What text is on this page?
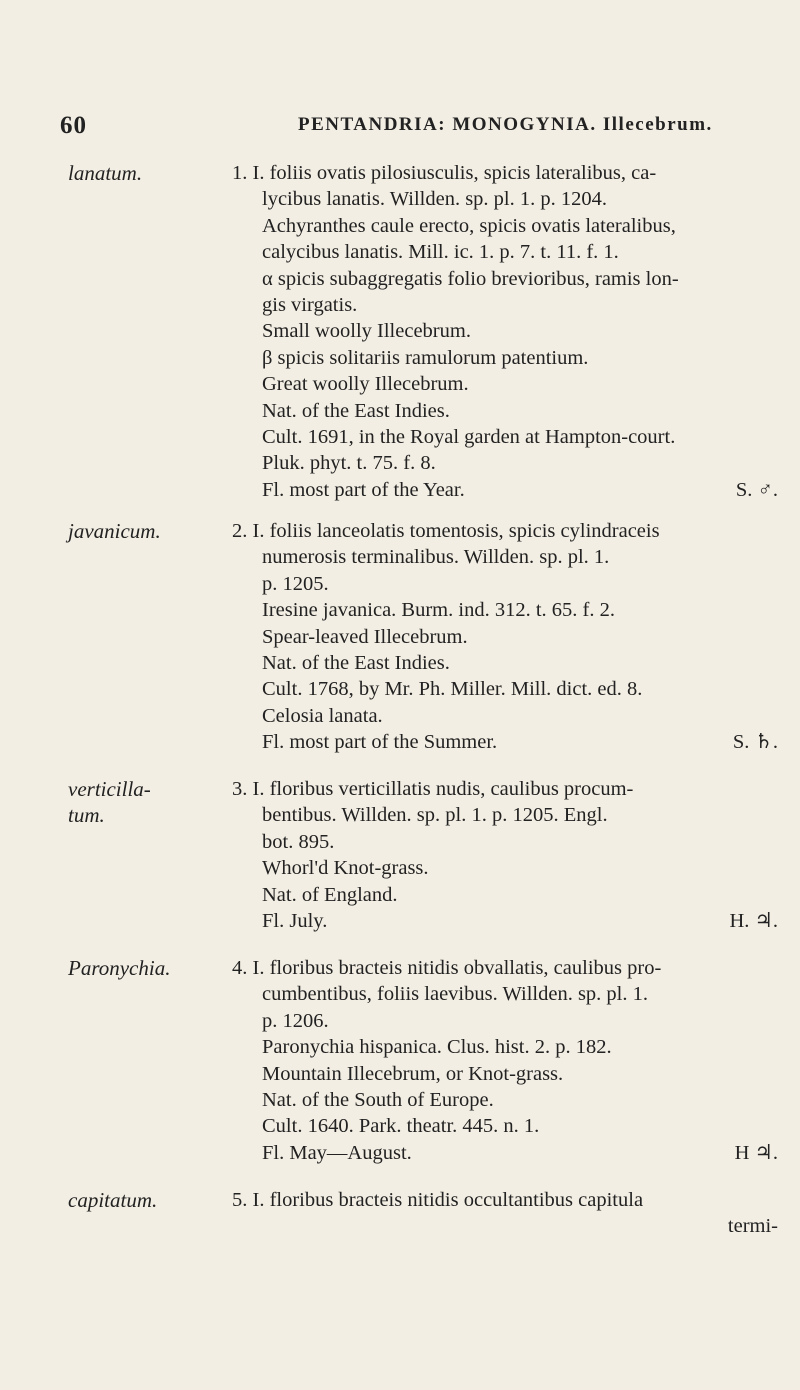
60	PENTANDRIA: MONOGYNIA. Illecebrum.
lanatum.	1. I. foliis ovatis pilosiusculis, spicis lateralibus, ca-
lycibus lanatis. Willden. sp. pl. 1. p. 1204.
Achyranthes caule erecto, spicis ovatis lateralibus,
calycibus lanatis. Mill. ic. 1. p. 7. t. 11. f. 1.
α spicis subaggregatis folio brevioribus, ramis lon-
gis virgatis.
Small woolly Illecebrum.
β spicis solitariis ramulorum patentium.
Great woolly Illecebrum.
Nat. of the East Indies.
Cult. 1691, in the Royal garden at Hampton-court.
Pluk. phyt. t. 75. f. 8.
Fl. most part of the Year.	S. ♂.
javanicum.	2. I. foliis lanceolatis tomentosis, spicis cylindraceis
numerosis terminalibus. Willden. sp. pl. 1.
p. 1205.
Iresine javanica. Burm. ind. 312. t. 65. f. 2.
Spear-leaved Illecebrum.
Nat. of the East Indies.
Cult. 1768, by Mr. Ph. Miller. Mill. dict. ed. 8.
Celosia lanata.
Fl. most part of the Summer.	S. ♄.
verticilla-
tum.
3. I. floribus verticillatis nudis, caulibus procum-
bentibus. Willden. sp. pl. 1. p. 1205. Engl.
bot. 895.
Whorl'd Knot-grass.
Nat. of England.
Fl. July.	H. ♃.
Paronychia.	4. I. floribus bracteis nitidis obvallatis, caulibus pro-
cumbentibus, foliis laevibus. Willden. sp. pl. 1.
p. 1206.
Paronychia hispanica. Clus. hist. 2. p. 182.
Mountain Illecebrum, or Knot-grass.
Nat. of the South of Europe.
Cult. 1640. Park. theatr. 445. n. 1.
Fl. May—August.	H ♃.
capitatum.	5. I. floribus bracteis nitidis occultantibus capitula
termi-
